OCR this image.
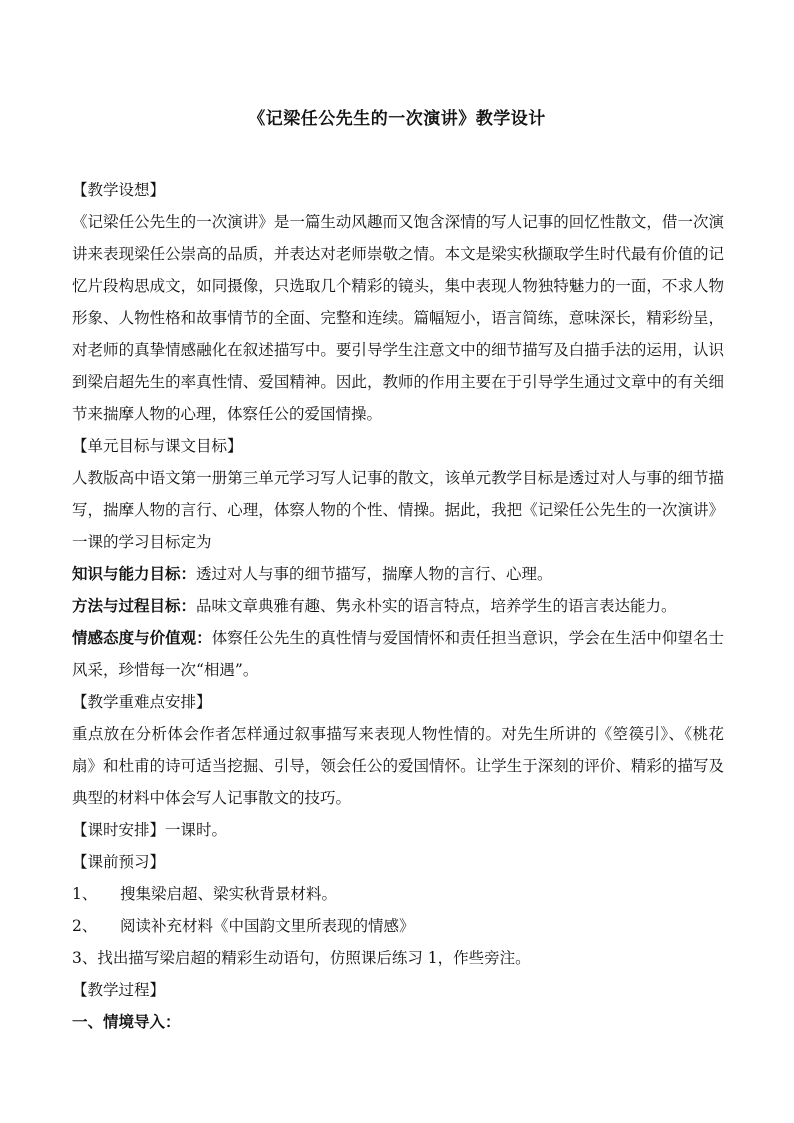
《记梁任公先生的一次演讲》教学设计

【教学设想】

《记梁任公先生的一次演讲》是一篇生动风趣而又饱含深情的写人记事的回忆性散文，借一次演讲来表现梁任公崇高的品质，并表达对老师崇敬之情。本文是梁实秋撷取学生时代最有价值的记忆片段构思成文，如同摄像，只选取几个精彩的镜头，集中表现人物独特魅力的一面，不求人物形象、人物性格和故事情节的全面、完整和连续。篇幅短小，语言简练，意味深长，精彩纷呈，对老师的真挚情感融化在叙述描写中。要引导学生注意文中的细节描写及白描手法的运用，认识到梁启超先生的率真性情、爱国精神。因此，教师的作用主要在于引导学生通过文章中的有关细节来揣摩人物的心理，体察任公的爱国情操。

【单元目标与课文目标】

人教版高中语文第一册第三单元学习写人记事的散文，该单元教学目标是透过对人与事的细节描写，揣摩人物的言行、心理，体察人物的个性、情操。据此，我把《记梁任公先生的一次演讲》一课的学习目标定为

知识与能力目标：透过对人与事的细节描写，揣摩人物的言行、心理。

方法与过程目标：品味文章典雅有趣、隽永朴实的语言特点，培养学生的语言表达能力。

情感态度与价值观：体察任公先生的真性情与爱国情怀和责任担当意识，学会在生活中仰望名士风采，珍惜每一次“相遇”。

【教学重难点安排】

重点放在分析体会作者怎样通过叙事描写来表现人物性情的。对先生所讲的《箜篌引》、《桃花扇》和杜甫的诗可适当挖掘、引导，领会任公的爱国情怀。让学生于深刻的评价、精彩的描写及典型的材料中体会写人记事散文的技巧。

【课时安排】一课时。

【课前预习】

1、 搜集梁启超、梁实秋背景材料。

2、 阅读补充材料《中国韵文里所表现的情感》

3、找出描写梁启超的精彩生动语句，仿照课后练习 1，作些旁注。

【教学过程】

一、情境导入：
